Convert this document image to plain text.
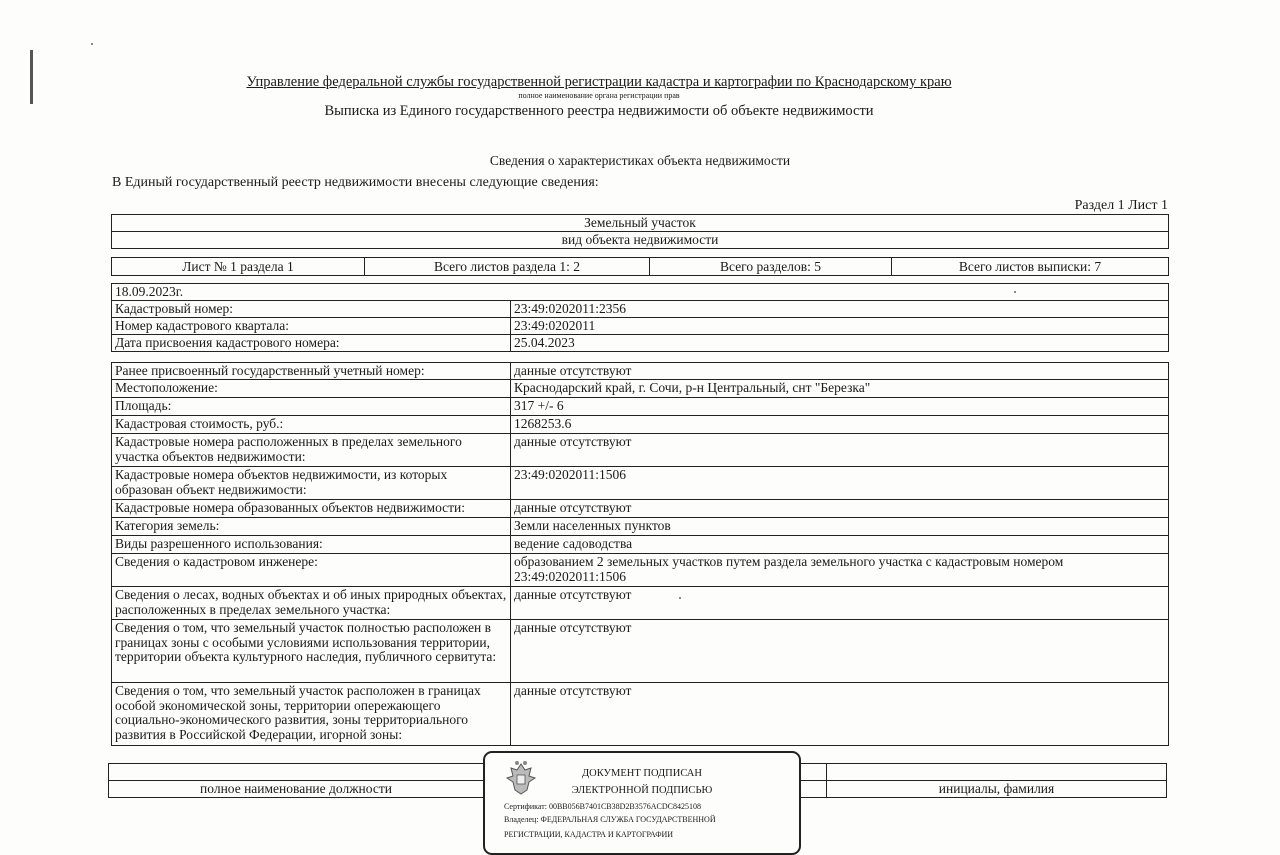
Управление федеральной службы государственной регистрации кадастра и картографии по Краснодарскому краю
полное наименование органа регистрации прав
Выписка из Единого государственного реестра недвижимости об объекте недвижимости
Сведения о характеристиках объекта недвижимости
В Единый государственный реестр недвижимости внесены следующие сведения:
Раздел 1 Лист 1
Земельный участок
вид объекта недвижимости
Лист № 1 раздела 1	Всего листов раздела 1: 2	Всего разделов: 5	Всего листов выписки: 7
18.09.2023г.	
Кадастровый номер:	23:49:0202011:2356
Номер кадастрового квартала:	23:49:0202011
Дата присвоения кадастрового номера:	25.04.2023
Ранее присвоенный государственный учетный номер:	данные отсутствуют
Местоположение:	Краснодарский край, г. Сочи, р-н Центральный, снт "Березка"
Площадь:	317 +/- 6
Кадастровая стоимость, руб.:	1268253.6
Кадастровые номера расположенных в пределах земельного участка объектов недвижимости:	данные отсутствуют
Кадастровые номера объектов недвижимости, из которых образован объект недвижимости:	23:49:0202011:1506
Кадастровые номера образованных объектов недвижимости:	данные отсутствуют
Категория земель:	Земли населенных пунктов
Виды разрешенного использования:	ведение садоводства
Сведения о кадастровом инженере:	образованием 2 земельных участков путем раздела земельного участка с кадастровым номером 23:49:0202011:1506
Сведения о лесах, водных объектах и об иных природных объектах, расположенных в пределах земельного участка:	данные отсутствуют
Сведения о том, что земельный участок полностью расположен в границах зоны с особыми условиями использования территории, территории объекта культурного наследия, публичного сервитута:	данные отсутствуют
Сведения о том, что земельный участок расположен в границах особой экономической зоны, территории опережающего социально-экономического развития, зоны территориального развития в Российской Федерации, игорной зоны:	данные отсутствуют

полное наименование должности		инициалы, фамилия
ДОКУМЕНТ ПОДПИСАН
ЭЛЕКТРОННОЙ ПОДПИСЬЮ
Сертификат: 00BB056B7401CB38D2B3576ACDC8425108
Владелец: ФЕДЕРАЛЬНАЯ СЛУЖБА ГОСУДАРСТВЕННОЙ
РЕГИСТРАЦИИ, КАДАСТРА И КАРТОГРАФИИ
